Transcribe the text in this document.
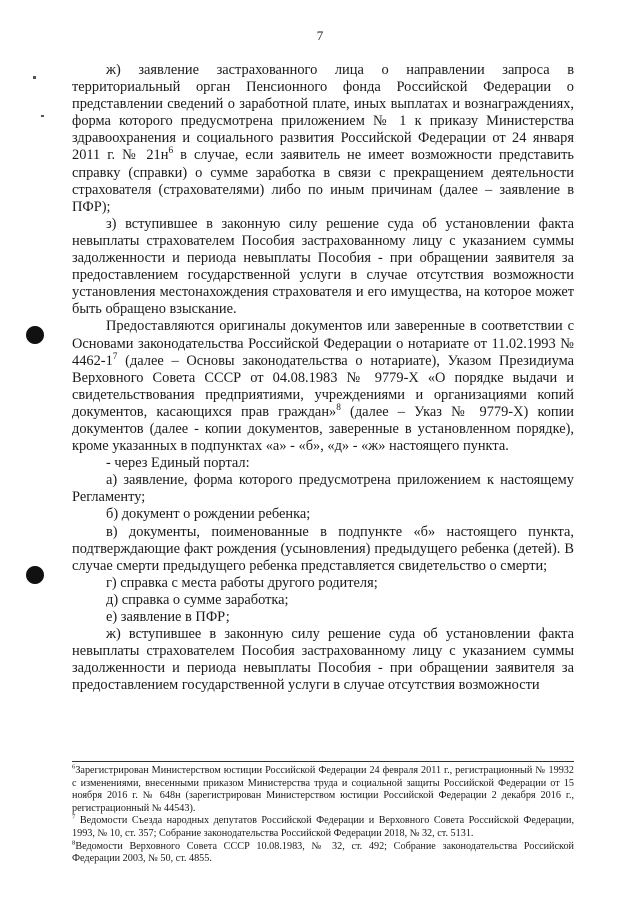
7

ж) заявление застрахованного лица о направлении запроса в территориальный орган Пенсионного фонда Российской Федерации о представлении сведений о заработной плате, иных выплатах и вознаграждениях, форма которого предусмотрена приложением № 1 к приказу Министерства здравоохранения и социального развития Российской Федерации от 24 января 2011 г. № $21н^6$ в случае, если заявитель не имеет возможности представить справку (справки) о сумме заработка в связи с прекращением деятельности страхователя (страхователями) либо по иным причинам (далее – заявление в ПФР);

з) вступившее в законную силу решение суда об установлении факта невыплаты страхователем Пособия застрахованному лицу с указанием суммы задолженности и периода невыплаты Пособия - при обращении заявителя за предоставлением государственной услуги в случае отсутствия возможности установления местонахождения страхователя и его имущества, на которое может быть обращено взыскание.

Предоставляются оригиналы документов или заверенные в соответствии с Основами законодательства Российской Федерации о нотариате от 11.02.1993 № $4462-1^7$ (далее – Основы законодательства о нотариате), Указом Президиума Верховного Совета СССР от 04.08.1983 № 9779-Х «О порядке выдачи и свидетельствования предприятиями, учреждениями и организациями копий документов, касающихся прав граждан»$^8$ (далее – Указ № 9779-Х) копии документов (далее - копии документов, заверенные в установленном порядке), кроме указанных в подпунктах «а» - «б», «д» - «ж» настоящего пункта.

- через Единый портал:

а) заявление, форма которого предусмотрена приложением к настоящему Регламенту;

б) документ о рождении ребенка;

в) документы, поименованные в подпункте «б» настоящего пункта, подтверждающие факт рождения (усыновления) предыдущего ребенка (детей). В случае смерти предыдущего ребенка представляется свидетельство о смерти;

г) справка с места работы другого родителя;

д) справка о сумме заработка;

е) заявление в ПФР;

ж) вступившее в законную силу решение суда об установлении факта невыплаты страхователем Пособия застрахованному лицу с указанием суммы задолженности и периода невыплаты Пособия - при обращении заявителя за предоставлением государственной услуги в случае отсутствия возможности

$^6$Зарегистрирован Министерством юстиции Российской Федерации 24 февраля 2011 г., регистрационный № 19932 с изменениями, внесенными приказом Министерства труда и социальной защиты Российской Федерации от 15 ноября 2016 г. № 648н (зарегистрирован Министерством юстиции Российской Федерации 2 декабря 2016 г., регистрационный № 44543).

$^7$ Ведомости Съезда народных депутатов Российской Федерации и Верховного Совета Российской Федерации, 1993, № 10, ст. 357; Собрание законодательства Российской Федерации 2018, № 32, ст. 5131.

$^8$Ведомости Верховного Совета СССР 10.08.1983, № 32, ст. 492; Собрание законодательства Российской Федерации 2003, № 50, ст. 4855.
